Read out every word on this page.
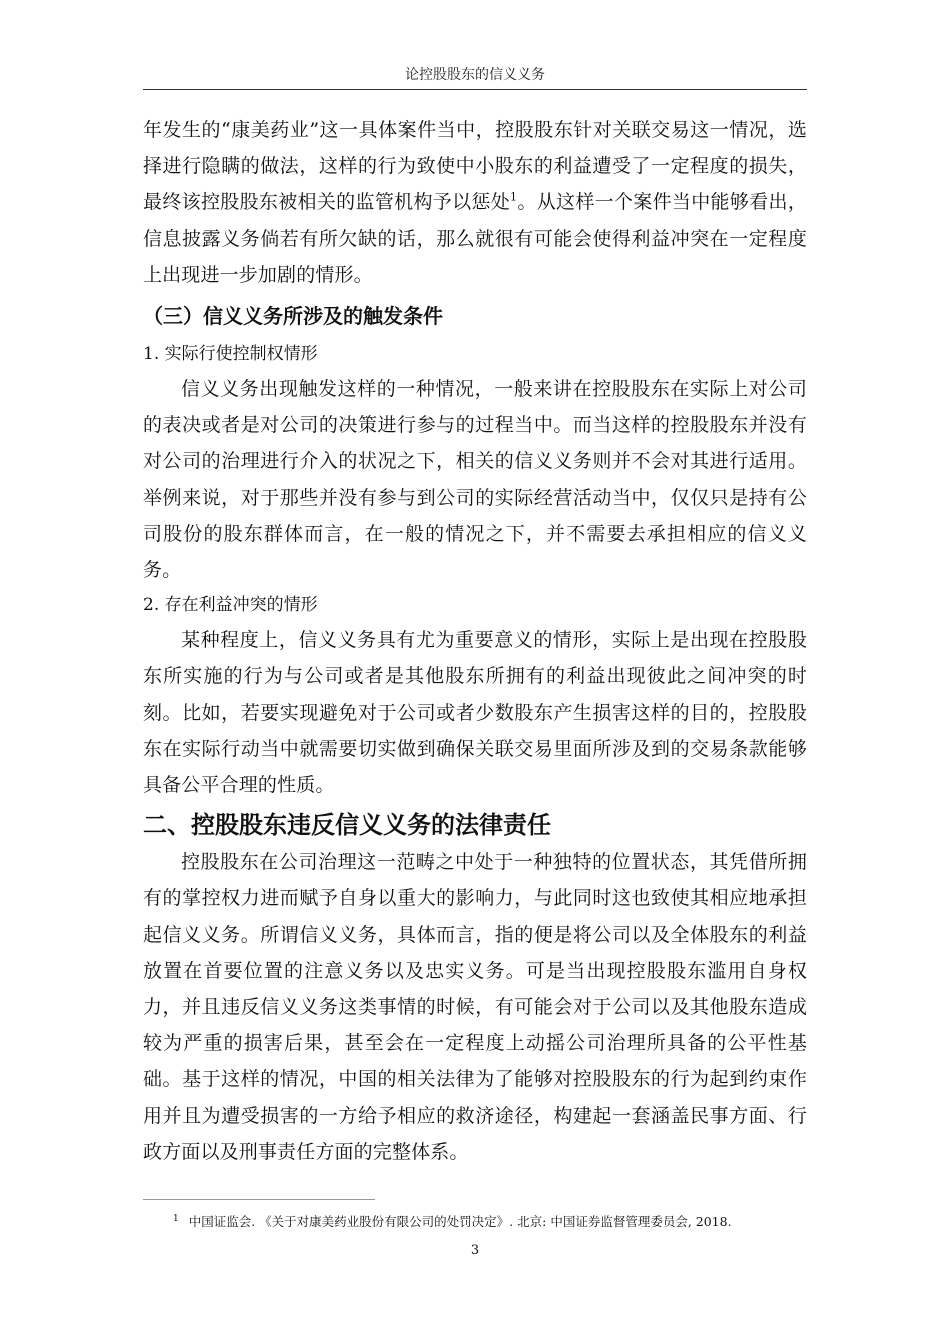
论控股股东的信义义务

年发生的“康美药业”这一具体案件当中，控股股东针对关联交易这一情况，选择进行隐瞒的做法，这样的行为致使中小股东的利益遭受了一定程度的损失，最终该控股股东被相关的监管机构予以惩处$^1$。从这样一个案件当中能够看出，信息披露义务倘若有所欠缺的话，那么就很有可能会使得利益冲突在一定程度上出现进一步加剧的情形。

（三）信义义务所涉及的触发条件

1. 实际行使控制权情形

信义义务出现触发这样的一种情况，一般来讲在控股股东在实际上对公司的表决或者是对公司的决策进行参与的过程当中。而当这样的控股股东并没有对公司的治理进行介入的状况之下，相关的信义义务则并不会对其进行适用。举例来说，对于那些并没有参与到公司的实际经营活动当中，仅仅只是持有公司股份的股东群体而言，在一般的情况之下，并不需要去承担相应的信义义务。

2. 存在利益冲突的情形

某种程度上，信义义务具有尤为重要意义的情形，实际上是出现在控股股东所实施的行为与公司或者是其他股东所拥有的利益出现彼此之间冲突的时刻。比如，若要实现避免对于公司或者少数股东产生损害这样的目的，控股股东在实际行动当中就需要切实做到确保关联交易里面所涉及到的交易条款能够具备公平合理的性质。

二、控股股东违反信义义务的法律责任

控股股东在公司治理这一范畴之中处于一种独特的位置状态，其凭借所拥有的掌控权力进而赋予自身以重大的影响力，与此同时这也致使其相应地承担起信义义务。所谓信义义务，具体而言，指的便是将公司以及全体股东的利益放置在首要位置的注意义务以及忠实义务。可是当出现控股股东滥用自身权力，并且违反信义义务这类事情的时候，有可能会对于公司以及其他股东造成较为严重的损害后果，甚至会在一定程度上动摇公司治理所具备的公平性基础。基于这样的情况，中国的相关法律为了能够对控股股东的行为起到约束作用并且为遭受损害的一方给予相应的救济途径，构建起一套涵盖民事方面、行政方面以及刑事责任方面的完整体系。

$^1$ 中国证监会. 《关于对康美药业股份有限公司的处罚决定》. 北京: 中国证券监督管理委员会, 2018.
3
